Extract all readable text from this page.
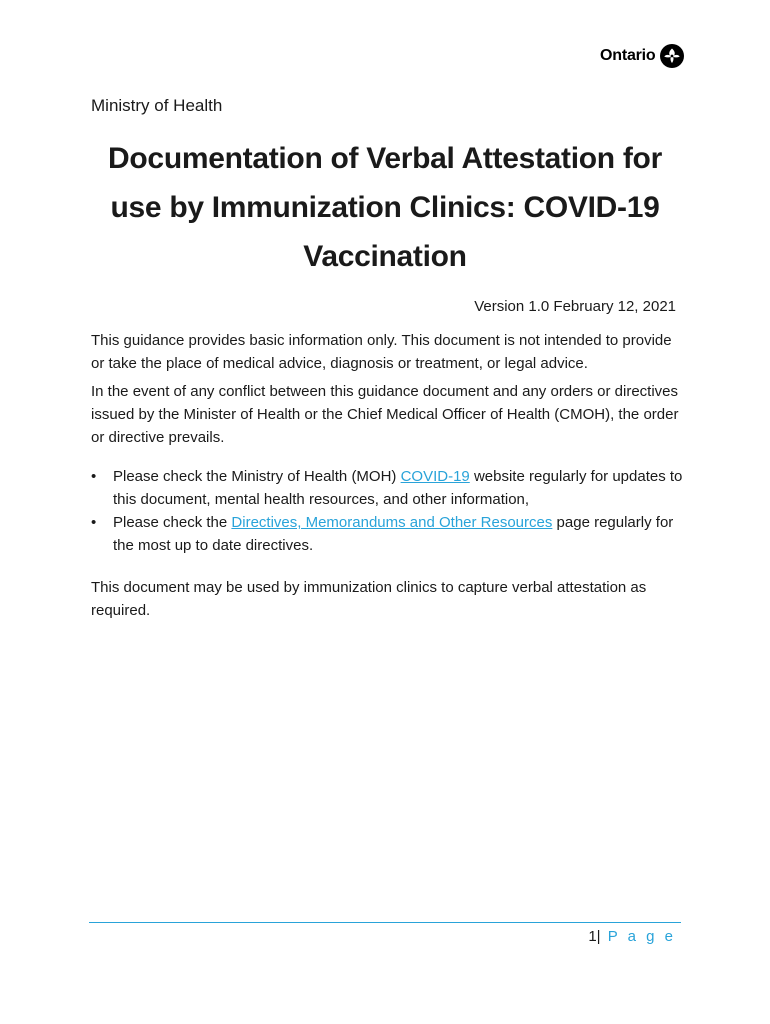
Ontario

Ministry of Health

Documentation of Verbal Attestation for use by Immunization Clinics: COVID-19 Vaccination

Version 1.0 February 12, 2021

This guidance provides basic information only. This document is not intended to provide or take the place of medical advice, diagnosis or treatment, or legal advice.

In the event of any conflict between this guidance document and any orders or directives issued by the Minister of Health or the Chief Medical Officer of Health (CMOH), the order or directive prevails.

• Please check the Ministry of Health (MOH) COVID-19 website regularly for updates to this document, mental health resources, and other information,
• Please check the Directives, Memorandums and Other Resources page regularly for the most up to date directives.

This document may be used by immunization clinics to capture verbal attestation as required.

1| P a g e
